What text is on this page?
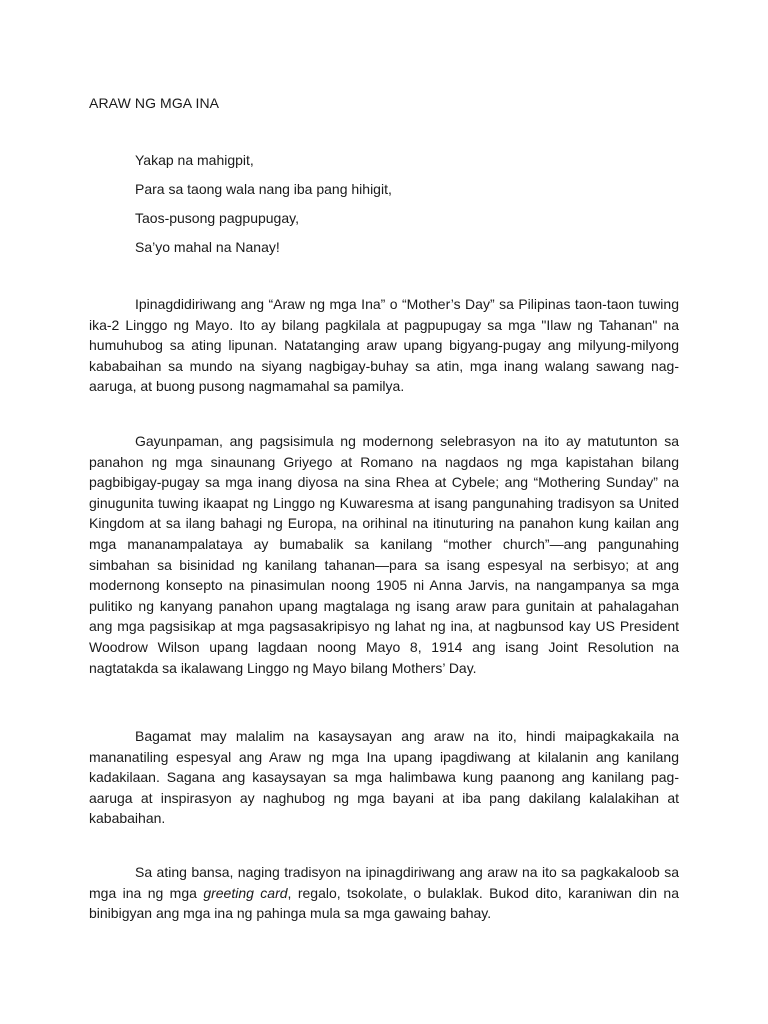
ARAW NG MGA INA
Yakap na mahigpit,
Para sa taong wala nang iba pang hihigit,
Taos-pusong pagpupugay,
Sa’yo mahal na Nanay!

Ipinagdidiriwang ang “Araw ng mga Ina” o “Mother’s Day” sa Pilipinas taon-taon tuwing ika-2 Linggo ng Mayo. Ito ay bilang pagkilala at pagpupugay sa mga "Ilaw ng Tahanan" na humuhubog sa ating lipunan. Natatanging araw upang bigyang-pugay ang milyung-milyong kababaihan sa mundo na siyang nagbigay-buhay sa atin, mga inang walang sawang nag-aaruga, at buong pusong nagmamahal sa pamilya.

Gayunpaman, ang pagsisimula ng modernong selebrasyon na ito ay matutunton sa panahon ng mga sinaunang Griyego at Romano na nagdaos ng mga kapistahan bilang pagbibigay-pugay sa mga inang diyosa na sina Rhea at Cybele; ang “Mothering Sunday” na ginugunita tuwing ikaapat ng Linggo ng Kuwaresma at isang pangunahing tradisyon sa United Kingdom at sa ilang bahagi ng Europa, na orihinal na itinuturing na panahon kung kailan ang mga mananampalataya ay bumabalik sa kanilang “mother church”—ang pangunahing simbahan sa bisinidad ng kanilang tahanan—para sa isang espesyal na serbisyo; at ang modernong konsepto na pinasimulan noong 1905 ni Anna Jarvis, na nangampanya sa mga pulitiko ng kanyang panahon upang magtalaga ng isang araw para gunitain at pahalagahan ang mga pagsisikap at mga pagsasakripisyo ng lahat ng ina, at nagbunsod kay US President Woodrow Wilson upang lagdaan noong Mayo 8, 1914 ang isang Joint Resolution na nagtatakda sa ikalawang Linggo ng Mayo bilang Mothers’ Day.

Bagamat may malalim na kasaysayan ang araw na ito, hindi maipagkakaila na mananatiling espesyal ang Araw ng mga Ina upang ipagdiwang at kilalanin ang kanilang kadakilaan. Sagana ang kasaysayan sa mga halimbawa kung paanong ang kanilang pag-aaruga at inspirasyon ay naghubog ng mga bayani at iba pang dakilang kalalakihan at kababaihan.

Sa ating bansa, naging tradisyon na ipinagdiriwang ang araw na ito sa pagkakaloob sa mga ina ng mga greeting card, regalo, tsokolate, o bulaklak. Bukod dito, karaniwan din na binibigyan ang mga ina ng pahinga mula sa mga gawaing bahay.
